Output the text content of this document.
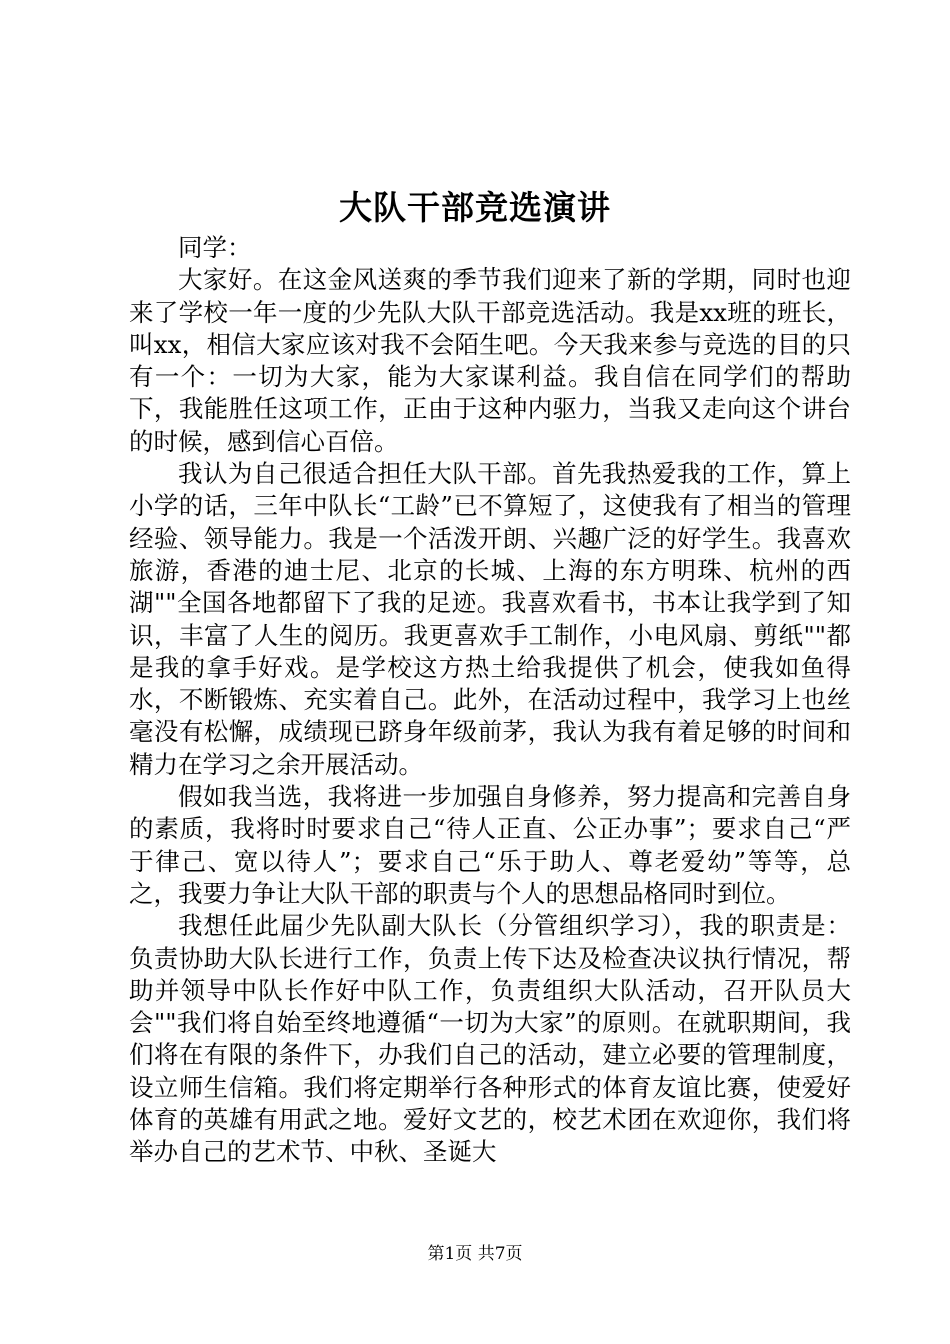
大队干部竞选演讲

同学：

大家好。在这金风送爽的季节我们迎来了新的学期，同时也迎来了学校一年一度的少先队大队干部竞选活动。我是xx班的班长，叫xx，相信大家应该对我不会陌生吧。今天我来参与竞选的目的只有一个：一切为大家，能为大家谋利益。我自信在同学们的帮助下，我能胜任这项工作，正由于这种内驱力，当我又走向这个讲台的时候，感到信心百倍。

我认为自己很适合担任大队干部。首先我热爱我的工作，算上小学的话，三年中队长“工龄”已不算短了，这使我有了相当的管理经验、领导能力。我是一个活泼开朗、兴趣广泛的好学生。我喜欢旅游，香港的迪士尼、北京的长城、上海的东方明珠、杭州的西湖""全国各地都留下了我的足迹。我喜欢看书，书本让我学到了知识，丰富了人生的阅历。我更喜欢手工制作，小电风扇、剪纸""都是我的拿手好戏。是学校这方热土给我提供了机会，使我如鱼得水，不断锻炼、充实着自己。此外，在活动过程中，我学习上也丝毫没有松懈，成绩现已跻身年级前茅，我认为我有着足够的时间和精力在学习之余开展活动。

假如我当选，我将进一步加强自身修养，努力提高和完善自身的素质，我将时时要求自己“待人正直、公正办事”；要求自己“严于律己、宽以待人”；要求自己“乐于助人、尊老爱幼”等等，总之，我要力争让大队干部的职责与个人的思想品格同时到位。

我想任此届少先队副大队长（分管组织学习），我的职责是：负责协助大队长进行工作，负责上传下达及检查决议执行情况，帮助并领导中队长作好中队工作，负责组织大队活动，召开队员大会""我们将自始至终地遵循“一切为大家”的原则。在就职期间，我们将在有限的条件下，办我们自己的活动，建立必要的管理制度，设立师生信箱。我们将定期举行各种形式的体育友谊比赛，使爱好体育的英雄有用武之地。爱好文艺的，校艺术团在欢迎你，我们将举办自己的艺术节、中秋、圣诞大

第1页 共7页
